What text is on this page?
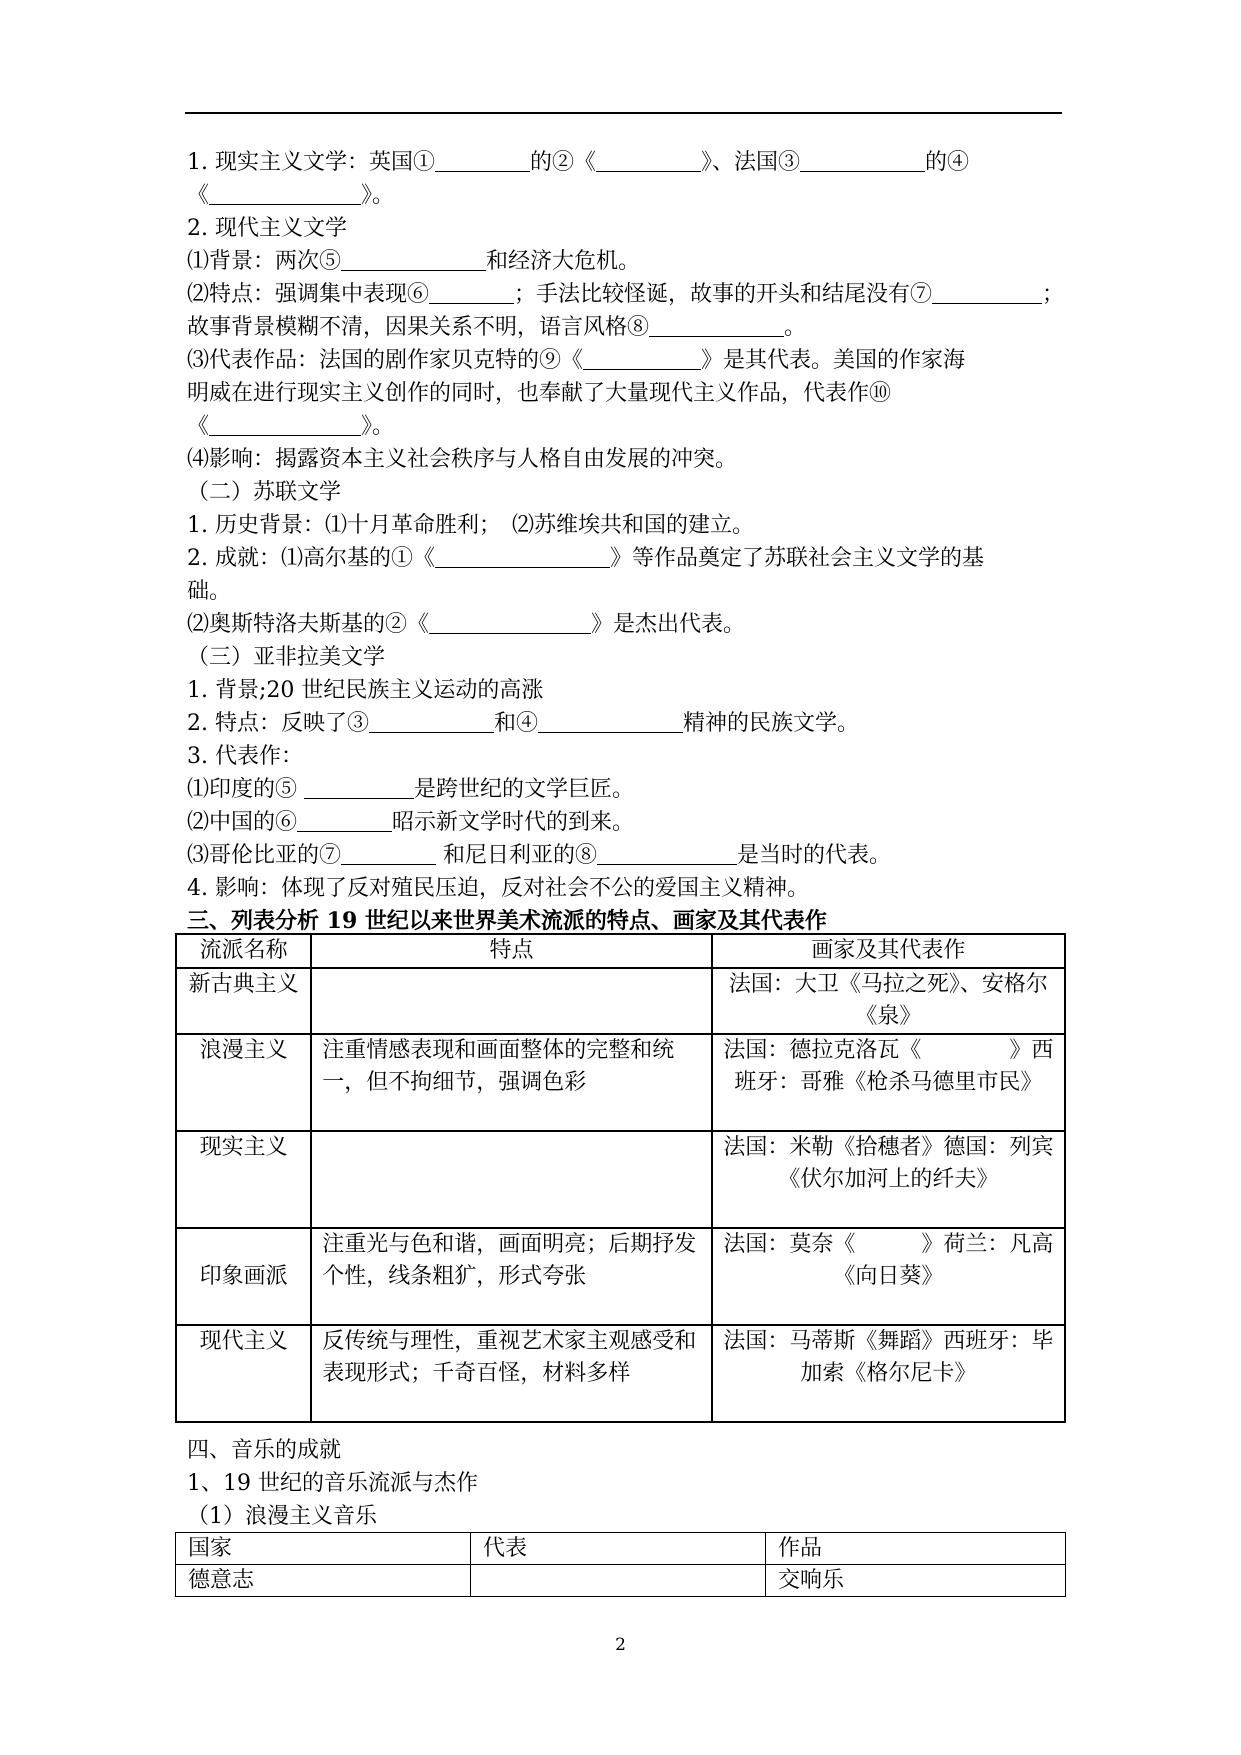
1. 现实主义文学：英国①	的②《	》、法国③	的④
《	》。
2. 现代主义文学
⑴背景：两次⑤	和经济大危机。
⑵特点：强调集中表现⑥	；手法比较怪诞，故事的开头和结尾没有⑦	；
故事背景模糊不清，因果关系不明，语言风格⑧	。
⑶代表作品：法国的剧作家贝克特的⑨《	》是其代表。美国的作家海
明威在进行现实主义创作的同时，也奉献了大量现代主义作品，代表作⑩
《	》。
⑷影响：揭露资本主义社会秩序与人格自由发展的冲突。
（二）苏联文学
1. 历史背景：⑴十月革命胜利；　⑵苏维埃共和国的建立。
2. 成就：⑴高尔基的①《	》等作品奠定了苏联社会主义文学的基
础。
⑵奥斯特洛夫斯基的②《	》是杰出代表。
（三）亚非拉美文学
1. 背景;20 世纪民族主义运动的高涨
2. 特点：反映了③	和④	精神的民族文学。
3. 代表作：
⑴印度的⑤	是跨世纪的文学巨匠。
⑵中国的⑥	昭示新文学时代的到来。
⑶哥伦比亚的⑦	和尼日利亚的⑧	是当时的代表。
4. 影响：体现了反对殖民压迫，反对社会不公的爱国主义精神。
三、列表分析 19 世纪以来世界美术流派的特点、画家及其代表作
流派名称	特点	画家及其代表作
新古典主义		法国：大卫《马拉之死》、安格尔《泉》
浪漫主义	注重情感表现和画面整体的完整和统一，但不拘细节，强调色彩	法国：德拉克洛瓦《　　　　》西班牙：哥雅《枪杀马德里市民》
现实主义		法国：米勒《拾穗者》德国：列宾《伏尔加河上的纤夫》
印象画派	注重光与色和谐，画面明亮；后期抒发个性，线条粗犷，形式夸张	法国：莫奈《　　　》荷兰：凡高《向日葵》
现代主义	反传统与理性，重视艺术家主观感受和表现形式；千奇百怪，材料多样	法国：马蒂斯《舞蹈》西班牙：毕加索《格尔尼卡》
四、音乐的成就
1、19 世纪的音乐流派与杰作
（1）浪漫主义音乐
国家	代表	作品
德意志		交响乐
2
